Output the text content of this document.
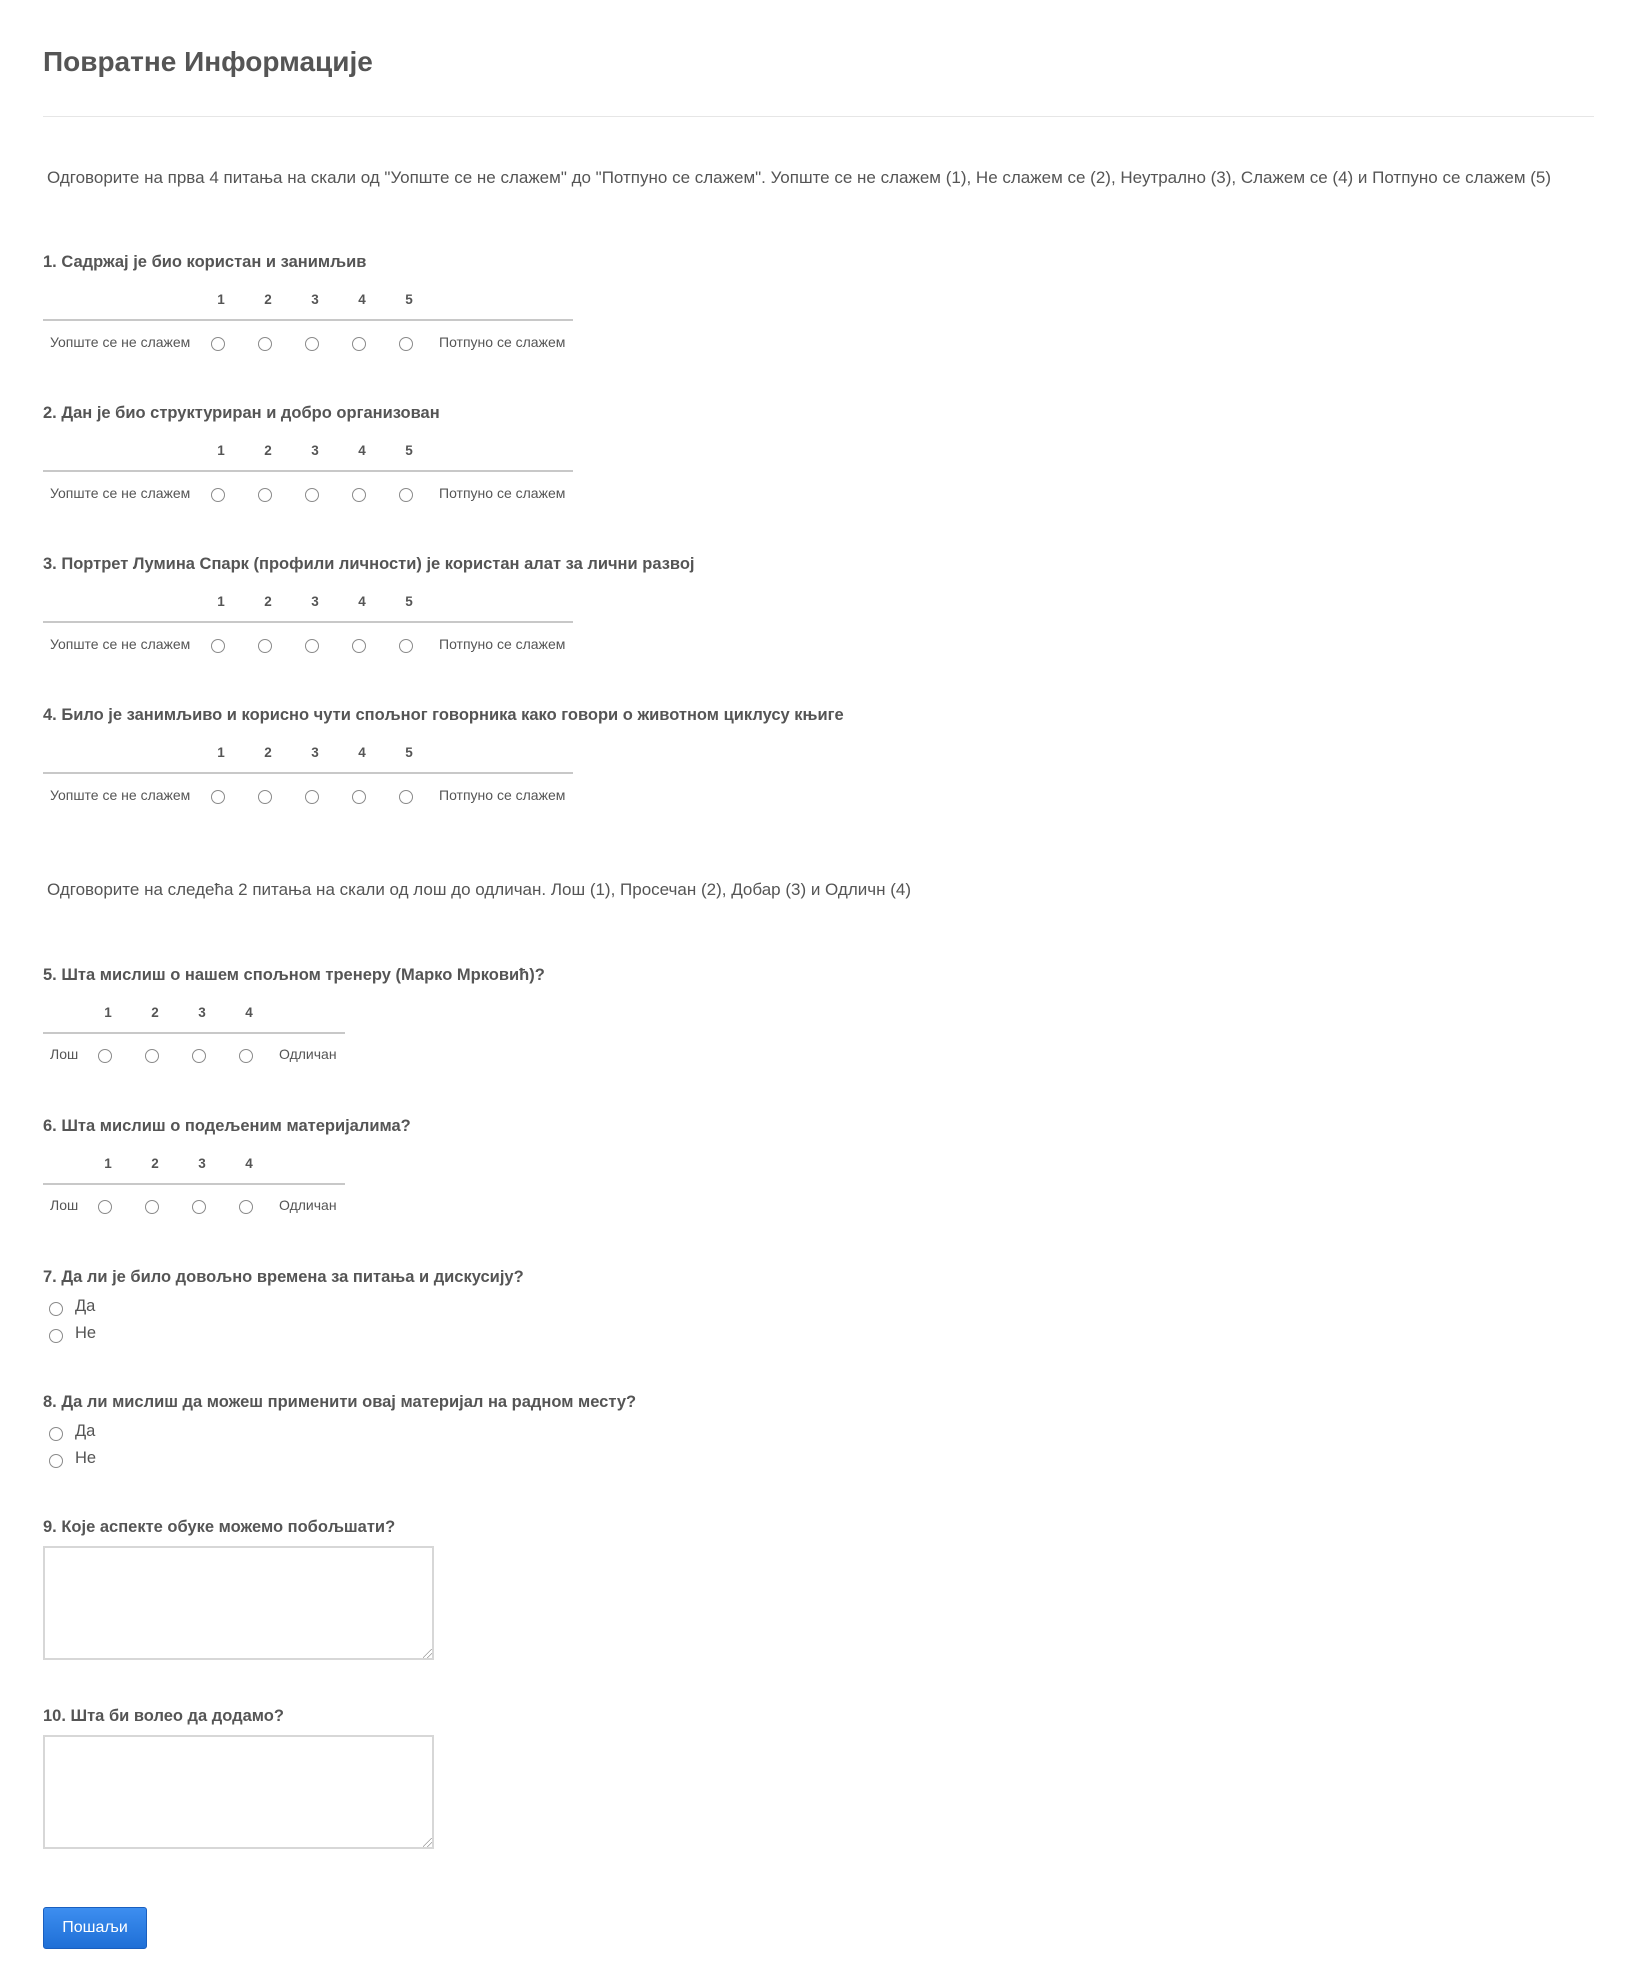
Повратне Информације
Одговорите на прва 4 питања на скали од "Уопште се не слажем" до "Потпуно се слажем". Уопште се не слажем (1), Не слажем се (2), Неутрално (3), Слажем се (4) и Потпуно се слажем (5)
1. Садржај је био користан и занимљив
1	2	3	4	5
Уопште се не слажем	Потпуно се слажем
2. Дан је био структуриран и добро организован
1	2	3	4	5
Уопште се не слажем	Потпуно се слажем
3. Портрет Лумина Спарк (профили личности) је користан алат за лични развој
1	2	3	4	5
Уопште се не слажем	Потпуно се слажем
4. Било је занимљиво и корисно чути спољног говорника како говори о животном циклусу књиге
1	2	3	4	5
Уопште се не слажем	Потпуно се слажем
Одговорите на следећа 2 питања на скали од лош до одличан. Лош (1), Просечан (2), Добар (3) и Одличн (4)
5. Шта мислиш о нашем спољном тренеру (Марко Мрковић)?
1	2	3	4
Лош	Одличан
6. Шта мислиш о подељеним материјалима?
1	2	3	4
Лош	Одличан
7. Да ли је било довољно времена за питања и дискусију?
Да
Не
8. Да ли мислиш да можеш применити овај материјал на радном месту?
Да
Не
9. Које аспекте обуке можемо побољшати?
10. Шта би волео да додамо?
Пошаљи
